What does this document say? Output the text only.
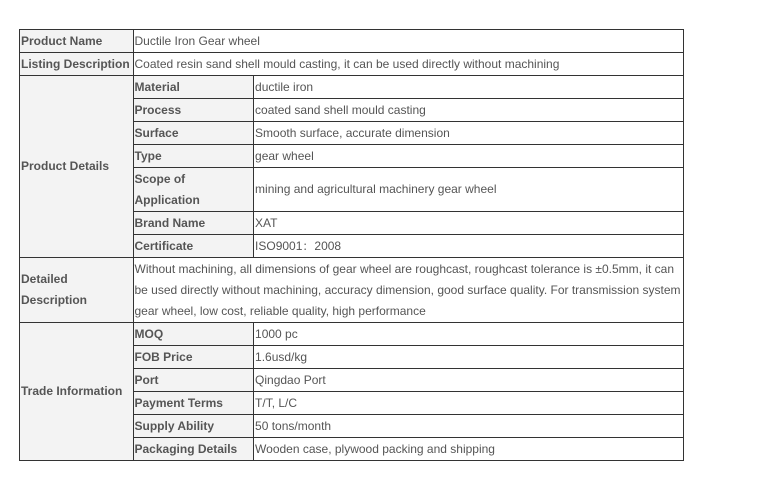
Product Name	Ductile Iron Gear wheel	
Listing Description	Coated resin sand shell mould casting, it can be used directly without machining	
Product Details	Material	ductile iron
	Process	coated sand shell mould casting
	Surface	Smooth surface, accurate dimension
	Type	gear wheel
	Scope of Application	mining and agricultural machinery gear wheel
	Brand Name	XAT
	Certificate	ISO9001：2008
Detailed Description	Without machining, all dimensions of gear wheel are roughcast, roughcast tolerance is ±0.5mm, it can be used directly without machining, accuracy dimension, good surface quality. For transmission system gear wheel, low cost, reliable quality, high performance	
Trade Information	MOQ	1000 pc
	FOB Price	1.6usd/kg
	Port	Qingdao Port
	Payment Terms	T/T, L/C
	Supply Ability	50 tons/month
	Packaging Details	Wooden case, plywood packing and shipping
